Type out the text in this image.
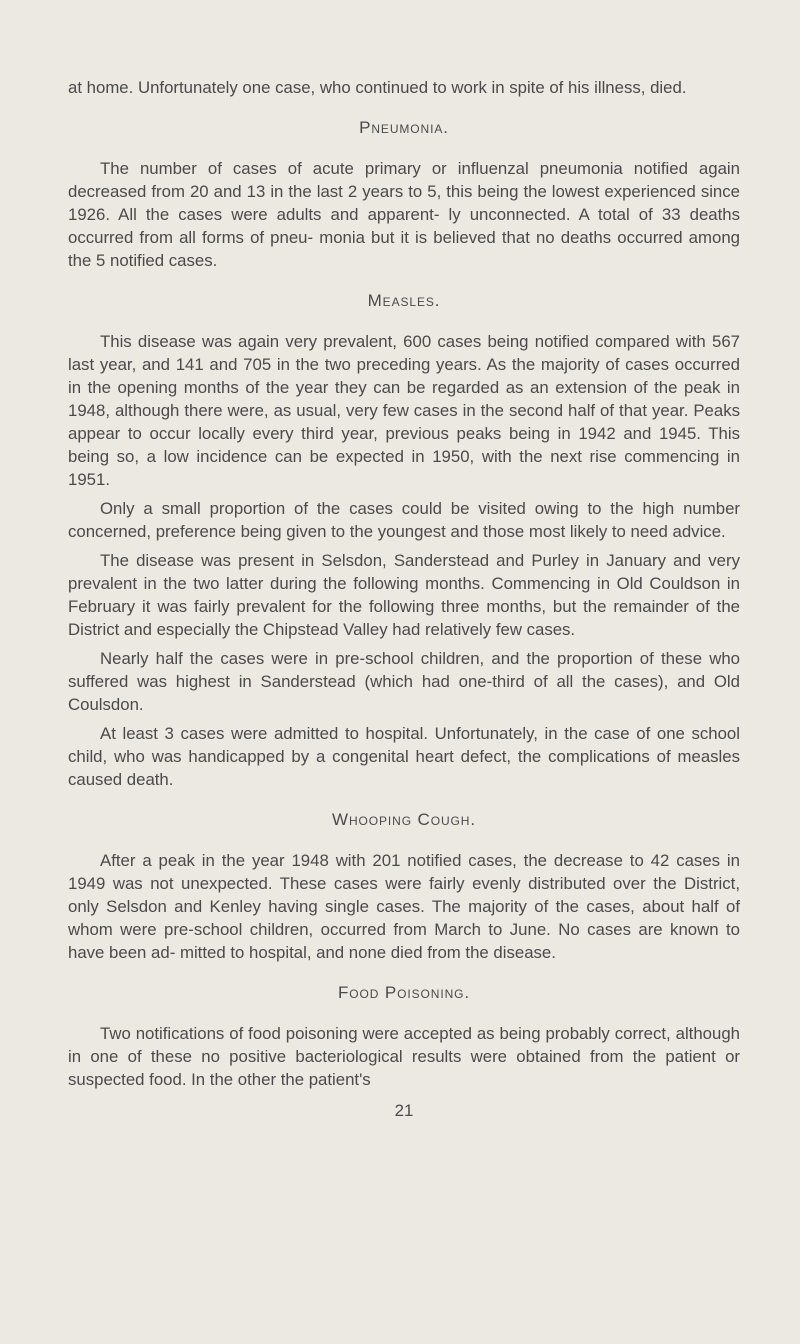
at home. Unfortunately one case, who continued to work in spite of his illness, died.

Pneumonia.

The number of cases of acute primary or influenzal pneumonia notified again decreased from 20 and 13 in the last 2 years to 5, this being the lowest experienced since 1926. All the cases were adults and apparent- ly unconnected. A total of 33 deaths occurred from all forms of pneu- monia but it is believed that no deaths occurred among the 5 notified cases.

Measles.

This disease was again very prevalent, 600 cases being notified compared with 567 last year, and 141 and 705 in the two preceding years. As the majority of cases occurred in the opening months of the year they can be regarded as an extension of the peak in 1948, although there were, as usual, very few cases in the second half of that year. Peaks appear to occur locally every third year, previous peaks being in 1942 and 1945. This being so, a low incidence can be expected in 1950, with the next rise commencing in 1951.

Only a small proportion of the cases could be visited owing to the high number concerned, preference being given to the youngest and those most likely to need advice.

The disease was present in Selsdon, Sanderstead and Purley in January and very prevalent in the two latter during the following months. Commencing in Old Couldson in February it was fairly prevalent for the following three months, but the remainder of the District and especially the Chipstead Valley had relatively few cases.

Nearly half the cases were in pre-school children, and the proportion of these who suffered was highest in Sanderstead (which had one-third of all the cases), and Old Coulsdon.

At least 3 cases were admitted to hospital. Unfortunately, in the case of one school child, who was handicapped by a congenital heart defect, the complications of measles caused death.

Whooping Cough.

After a peak in the year 1948 with 201 notified cases, the decrease to 42 cases in 1949 was not unexpected. These cases were fairly evenly distributed over the District, only Selsdon and Kenley having single cases. The majority of the cases, about half of whom were pre-school children, occurred from March to June. No cases are known to have been ad- mitted to hospital, and none died from the disease.

Food Poisoning.

Two notifications of food poisoning were accepted as being probably correct, although in one of these no positive bacteriological results were obtained from the patient or suspected food. In the other the patient's

21
